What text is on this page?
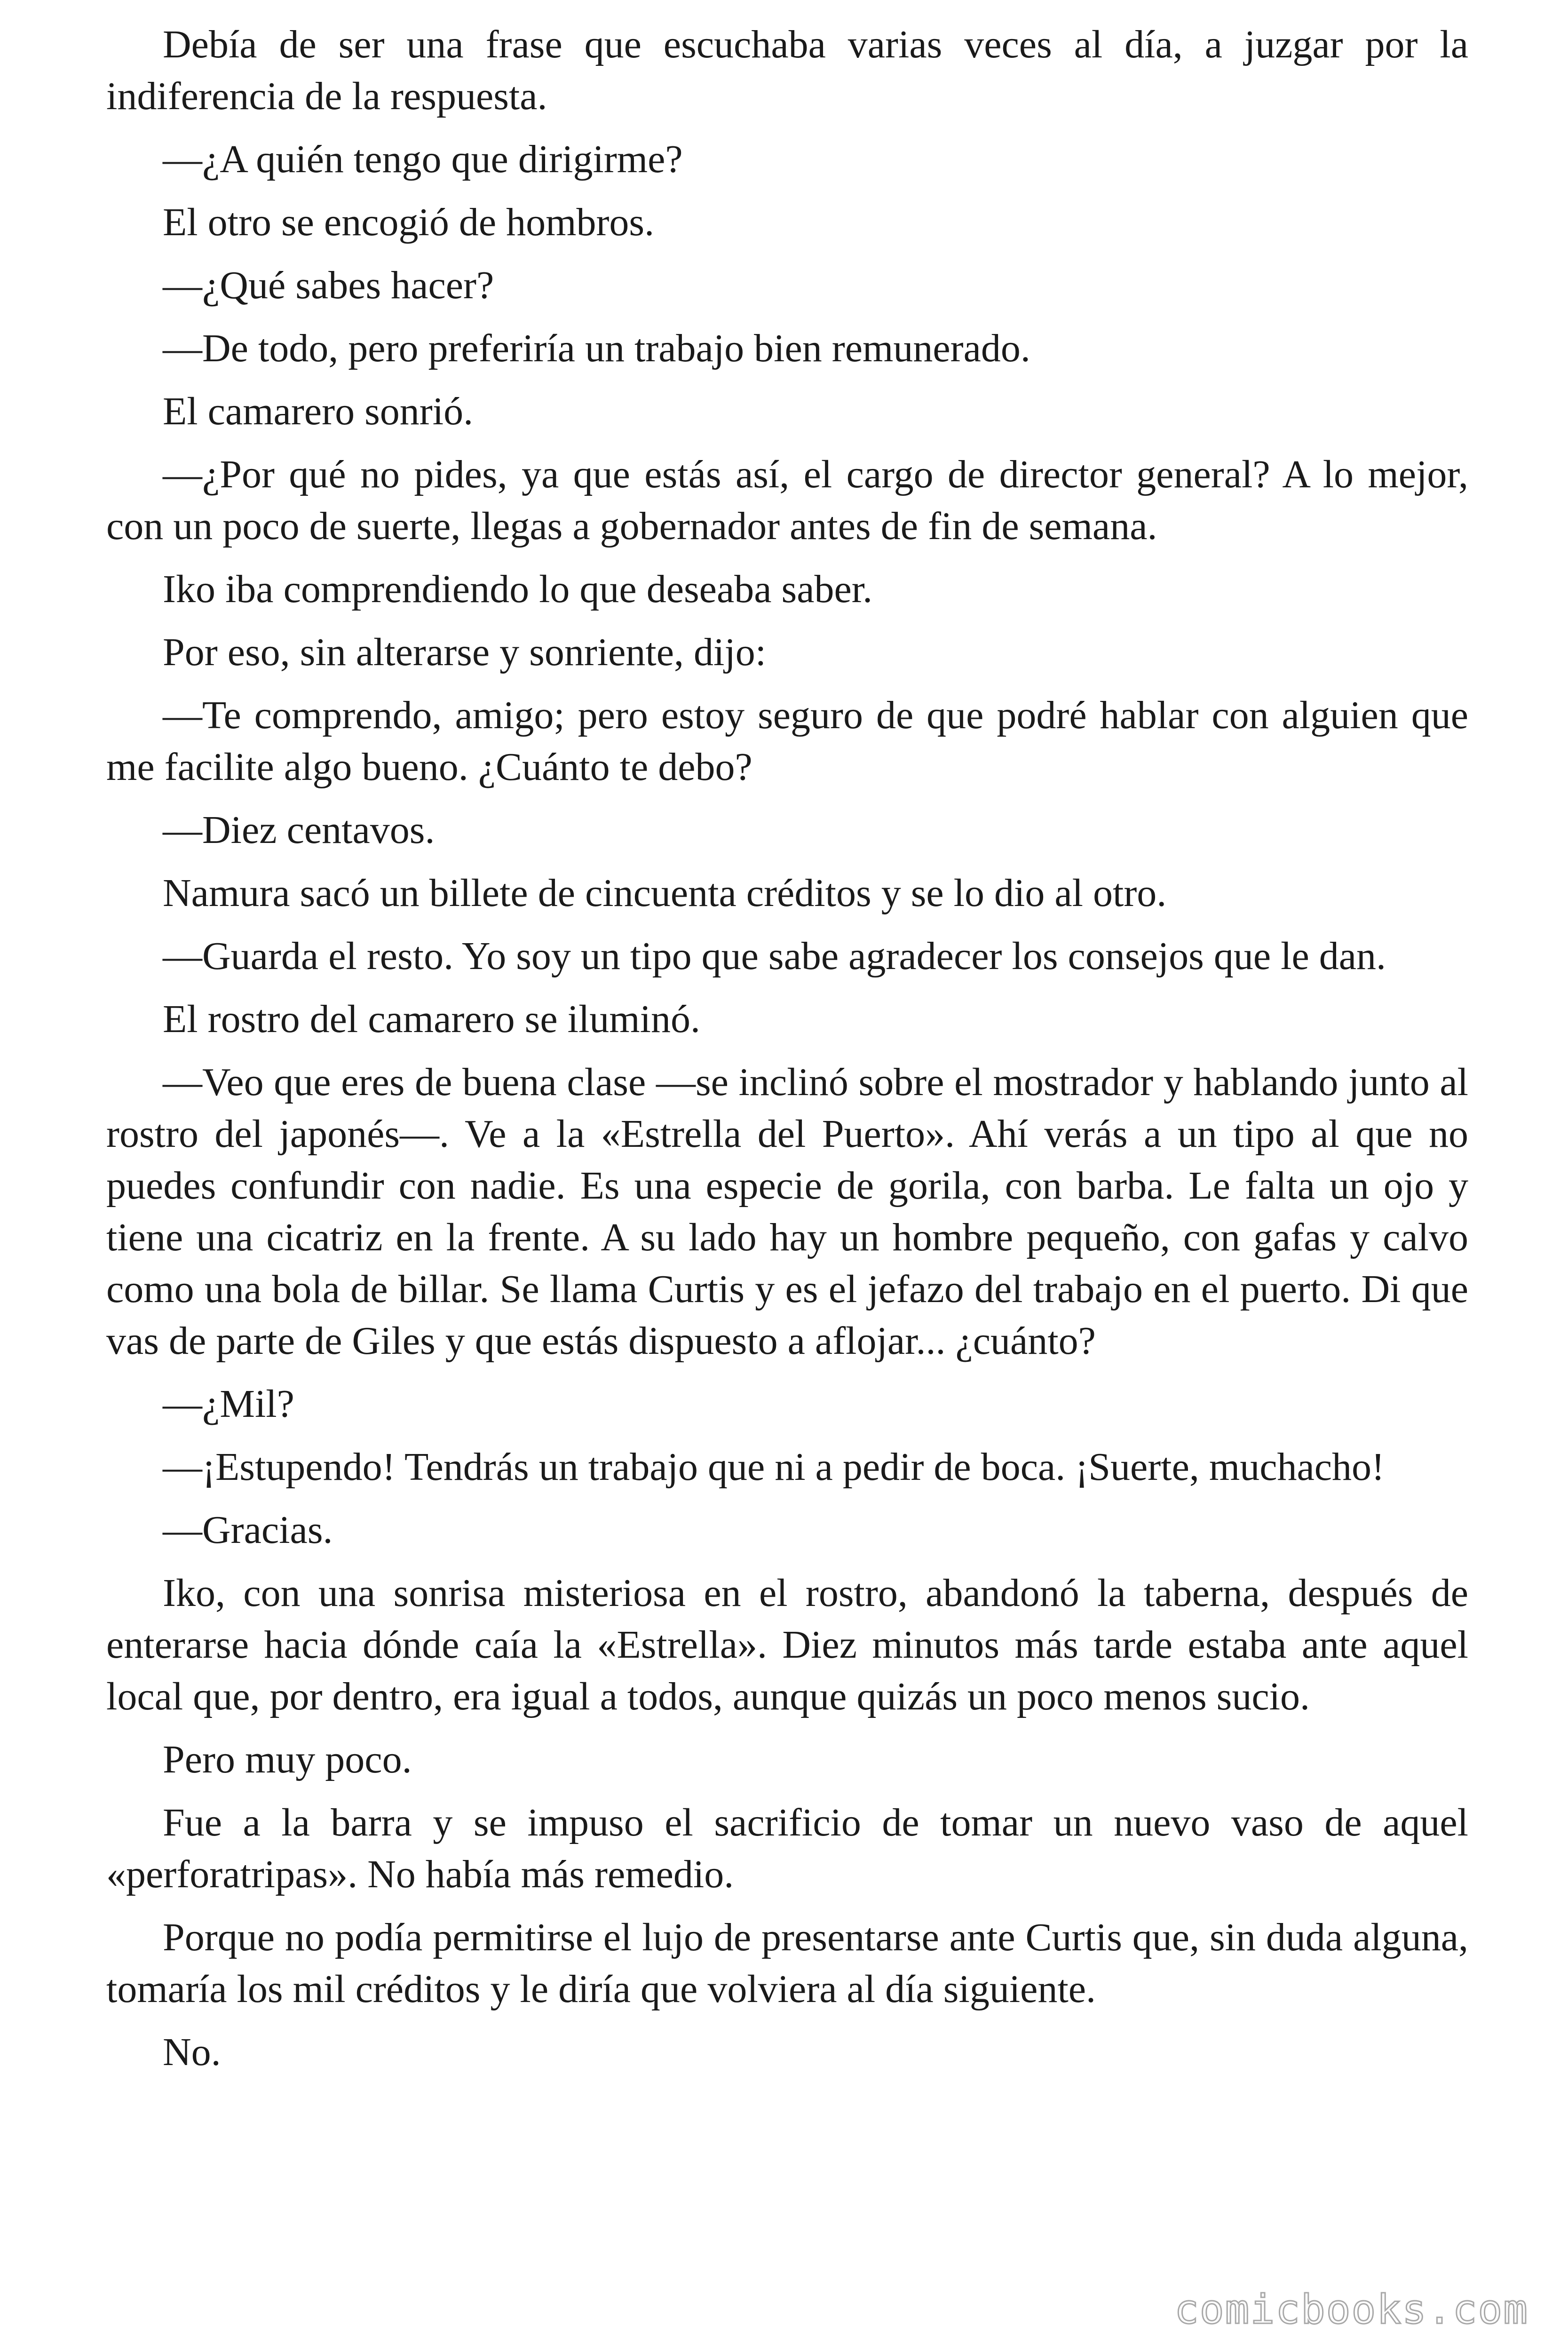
Debía de ser una frase que escuchaba varias veces al día, a juzgar por la indiferencia de la respuesta.

—¿A quién tengo que dirigirme?

El otro se encogió de hombros.

—¿Qué sabes hacer?

—De todo, pero preferiría un trabajo bien remunerado.

El camarero sonrió.

—¿Por qué no pides, ya que estás así, el cargo de director general? A lo mejor, con un poco de suerte, llegas a gobernador antes de fin de semana.

Iko iba comprendiendo lo que deseaba saber.

Por eso, sin alterarse y sonriente, dijo:

—Te comprendo, amigo; pero estoy seguro de que podré hablar con alguien que me facilite algo bueno. ¿Cuánto te debo?

—Diez centavos.

Namura sacó un billete de cincuenta créditos y se lo dio al otro.

—Guarda el resto. Yo soy un tipo que sabe agradecer los consejos que le dan.

El rostro del camarero se iluminó.

—Veo que eres de buena clase —se inclinó sobre el mostrador y hablando junto al rostro del japonés—. Ve a la «Estrella del Puerto». Ahí verás a un tipo al que no puedes confundir con nadie. Es una especie de gorila, con barba. Le falta un ojo y tiene una cicatriz en la frente. A su lado hay un hombre pequeño, con gafas y calvo como una bola de billar. Se llama Curtis y es el jefazo del trabajo en el puerto. Di que vas de parte de Giles y que estás dispuesto a aflojar... ¿cuánto?

—¿Mil?

—¡Estupendo! Tendrás un trabajo que ni a pedir de boca. ¡Suerte, muchacho!

—Gracias.

Iko, con una sonrisa misteriosa en el rostro, abandonó la taberna, después de enterarse hacia dónde caía la «Estrella». Diez minutos más tarde estaba ante aquel local que, por dentro, era igual a todos, aunque quizás un poco menos sucio.

Pero muy poco.

Fue a la barra y se impuso el sacrificio de tomar un nuevo vaso de aquel «perforatripas». No había más remedio.

Porque no podía permitirse el lujo de presentarse ante Curtis que, sin duda alguna, tomaría los mil créditos y le diría que volviera al día siguiente.

No.

comicbooks.com
